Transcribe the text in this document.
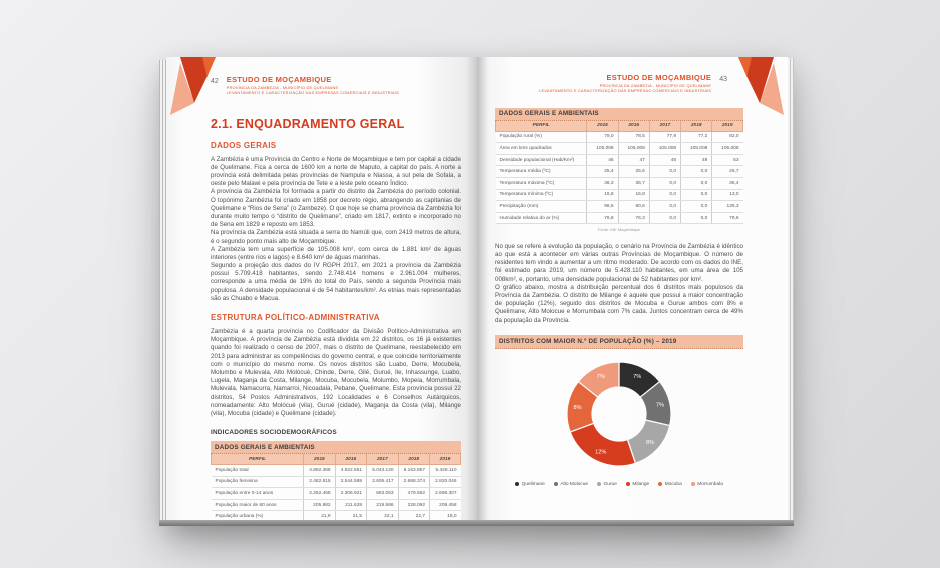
42 ESTUDO DE MOÇAMBIQUE
PROVÍNCIA DA ZAMBÉZIA - MUNICÍPIO DE QUELIMANE
LEVANTAMENTO E CARACTERIZAÇÃO DAS EMPRESAS COMERCIAIS E INDUSTRIAIS
2.1. ENQUADRAMENTO GERAL
DADOS GERAIS
A Zambézia é uma Província do Centro e Norte de Moçambique e tem por capital a cidade de Quelimane. Fica a cerca de 1600 km a norte de Maputo, a capital do país. A norte a província está delimitada pelas províncias de Nampula e Niassa, a sul pela de Sofala, a oeste pelo Malawi e pela província de Tete e a leste pelo oceano Índico.
A província da Zambézia foi formada a partir do distrito da Zambézia do período colonial. O topónimo Zambézia foi criado em 1858 por decreto régio, abrangendo as capitanias de Quelimane e “Rios de Sena” (o Zambeze). O que hoje se chama província da Zambézia foi durante muito tempo o “distrito de Quelimane”, criado em 1817, extinto e incorporado no de Sena em 1829 e reposto em 1853.
Na província da Zambézia está situada a serra do Namúli que, com 2419 metros de altura, é o segundo ponto mais alto de Moçambique.
A Zambézia tem uma superfície de 105.008 km², com cerca de 1.881 km² de águas interiores (entre rios e lagos) e 8.640 km² de águas marinhas.
Segundo a projeção dos dados do IV RGPH 2017, em 2021 a província da Zambézia possui 5.709.418 habitantes, sendo 2.748.414 homens e 2.961.004 mulheres, corresponde a uma média de 19% do total do País, sendo a segunda Província mais populosa. A densidade populacional é de 54 habitantes/km². As etnias mais representadas são as Chuabo e Macua.
ESTRUTURA POLÍTICO-ADMINISTRATIVA
Zambézia é a quarta província no Codificador da Divisão Político-Administrativa em Moçambique. A província de Zambézia está dividida em 22 distritos, os 16 já existentes quando foi realizado o censo de 2007, mais o distrito de Quelimane, reestabelecido em 2013 para administrar as competências do governo central, e que coincide territorialmente com o município do mesmo nome. Os novos distritos são Luabo, Derre, Mocubela, Molumbo e Mulevala, Alto Molócuè, Chinde, Derre, Gilé, Gurué, Ile, Inhassunge, Luabo, Lugela, Maganja da Costa, Milange, Mocuba, Mocubela, Molumbo, Mopeia, Morrumbala, Mulevala, Namacurra, Namarroi, Nicoadala, Pebane, Quelimane. Esta província possui 22 distritos, 54 Postos Administrativos, 192 Localidades e 6 Conselhos Autárquicos, nomeadamente: Alto Molócuè (vila), Gurué (cidade), Maganja da Costa (vila), Milange (vila), Mocuba (cidade) e Quelimane (cidade).
INDICADORES SOCIODEMOGRÁFICOS
DADOS GERAIS E AMBIENTAIS
PERFIL	2015	2016	2017	2018	2019
População total	4.892.365	4.922.651	5.043.120	5.163.857	5.428.110
População feminina	2.482.815	2.544.588	2.606.417	2.668.374	2.820.046
População entre 0-14 anos	2.252.465	2.306.921	663.053	479.662	2.698.307
População maior de 60 anos	205.982	211.628	219.586	228.092	209.458
População urbana (%)	21,9	21,5	22,1	22,7	18,0
ESTUDO DE MOÇAMBIQUE
PROVÍNCIA DA ZAMBÉZIA - MUNICÍPIO DE QUELIMANE
LEVANTAMENTO E CARACTERIZAÇÃO DAS EMPRESAS COMERCIAIS E INDUSTRIAIS
43
DADOS GERAIS E AMBIENTAIS
PERFIL	2015	2016	2017	2018	2019
População rural (%)	79,0	78,5	77,9	77,2	82,0
Área em kms quadrados	105.008	105.008	105.008	105.008	105.008
Densidade populacional (Hab/Km²)	46	47	48	49	53
Temperatura média (ºC)	25,4	25,6	0,0	0,0	25,7
Temperatura máxima (ºC)	36,3	36,7	0,0	0,0	36,4
Temperatura mínima (ºC)	16,8	16,8	0,0	0,0	13,0
Precipitação (mm)	96,5	80,6	0,0	0,0	135,3
Humidade relativa do ar (%)	76,8	76,3	0,0	0,0	79,6
Fonte: INE Moçambique
No que se refere à evolução da população, o cenário na Província de Zambézia é idêntico ao que está a acontecer em várias outras Províncias de Moçambique. O número de residentes tem vindo a aumentar a um ritmo moderado. De acordo com os dados do INE, foi estimado para 2019, um número de 5.428.110 habitantes, em uma área de 105 008km², e, portanto, uma densidade populacional de 52 habitantes por km².
O gráfico abaixo, mostra a distribuição percentual dos 6 distritos mais populosos da Província da Zambézia. O distrito de Milange é aquele que possui a maior concentração de população (12%), seguido dos distritos de Mocuba e Gurue ambos com 8% e Quelimane, Alto Molocue e Morrumbala com 7% cada. Juntos concentram cerca de 49% da população da Província.
DISTRITOS COM MAIOR N.º DE POPULAÇÃO (%) – 2019
7%
7%
8%
12%
8%
7%
Quelimane	Alto Molocue	Gurue	Milange	Mocuba	Morrumbala
